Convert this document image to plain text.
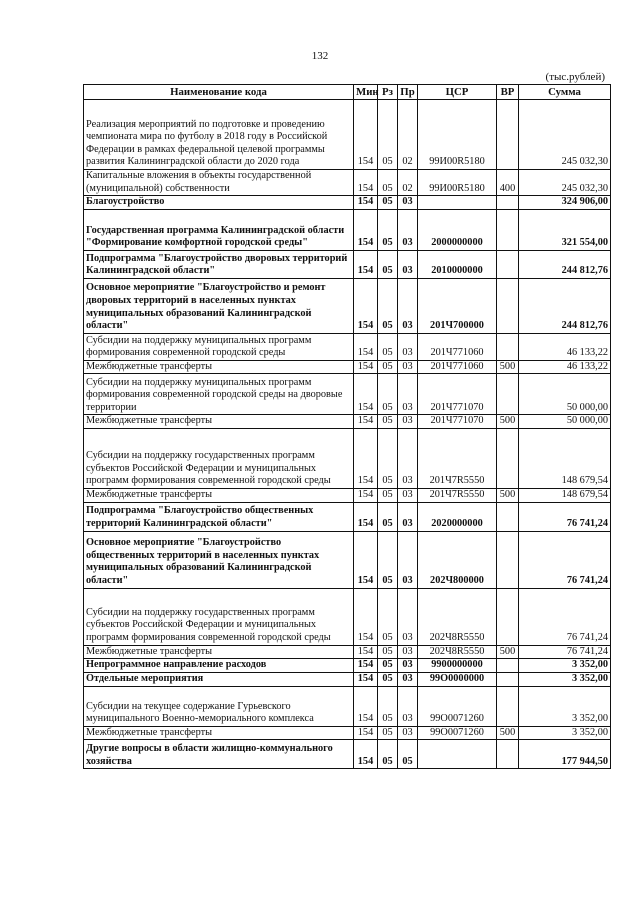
132
(тыс.рублей)
Наименование кода	Мин	Рз	Пр	ЦСР	ВР	Сумма
Реализация мероприятий по подготовке и проведению чемпионата мира по футболу в 2018 году в Российской Федерации в рамках федеральной целевой программы развития Калининградской области до 2020 года	154	05	02	99И00R5180		245 032,30
Капитальные вложения в объекты государственной (муниципальной) собственности	154	05	02	99И00R5180	400	245 032,30
Благоустройство	154	05	03			324 906,00
Государственная программа Калининградской области "Формирование комфортной городской среды"	154	05	03	2000000000		321 554,00
Подпрограмма "Благоустройство дворовых территорий Калининградской области"	154	05	03	2010000000		244 812,76
Основное мероприятие "Благоустройство и ремонт дворовых территорий в населенных пунктах муниципальных образований Калининградской области"	154	05	03	201Ч700000		244 812,76
Субсидии на поддержку муниципальных программ формирования современной городской среды	154	05	03	201Ч771060		46 133,22
Межбюджетные трансферты	154	05	03	201Ч771060	500	46 133,22
Субсидии на поддержку муниципальных программ формирования современной городской среды на дворовые территории	154	05	03	201Ч771070		50 000,00
Межбюджетные трансферты	154	05	03	201Ч771070	500	50 000,00
Субсидии на поддержку государственных программ субъектов Российской Федерации и муниципальных программ формирования современной городской среды	154	05	03	201Ч7R5550		148 679,54
Межбюджетные трансферты	154	05	03	201Ч7R5550	500	148 679,54
Подпрограмма "Благоустройство общественных территорий Калининградской области"	154	05	03	2020000000		76 741,24
Основное мероприятие "Благоустройство общественных территорий в населенных пунктах муниципальных образований Калининградской области"	154	05	03	202Ч800000		76 741,24
Субсидии на поддержку государственных программ субъектов Российской Федерации и муниципальных программ формирования современной городской среды	154	05	03	202Ч8R5550		76 741,24
Межбюджетные трансферты	154	05	03	202Ч8R5550	500	76 741,24
Непрограммное направление расходов	154	05	03	9900000000		3 352,00
Отдельные мероприятия	154	05	03	99О0000000		3 352,00
Субсидии на текущее содержание Гурьевского муниципального Военно-мемориального комплекса	154	05	03	99О0071260		3 352,00
Межбюджетные трансферты	154	05	03	99О0071260	500	3 352,00
Другие вопросы в области жилищно-коммунального хозяйства	154	05	05			177 944,50
